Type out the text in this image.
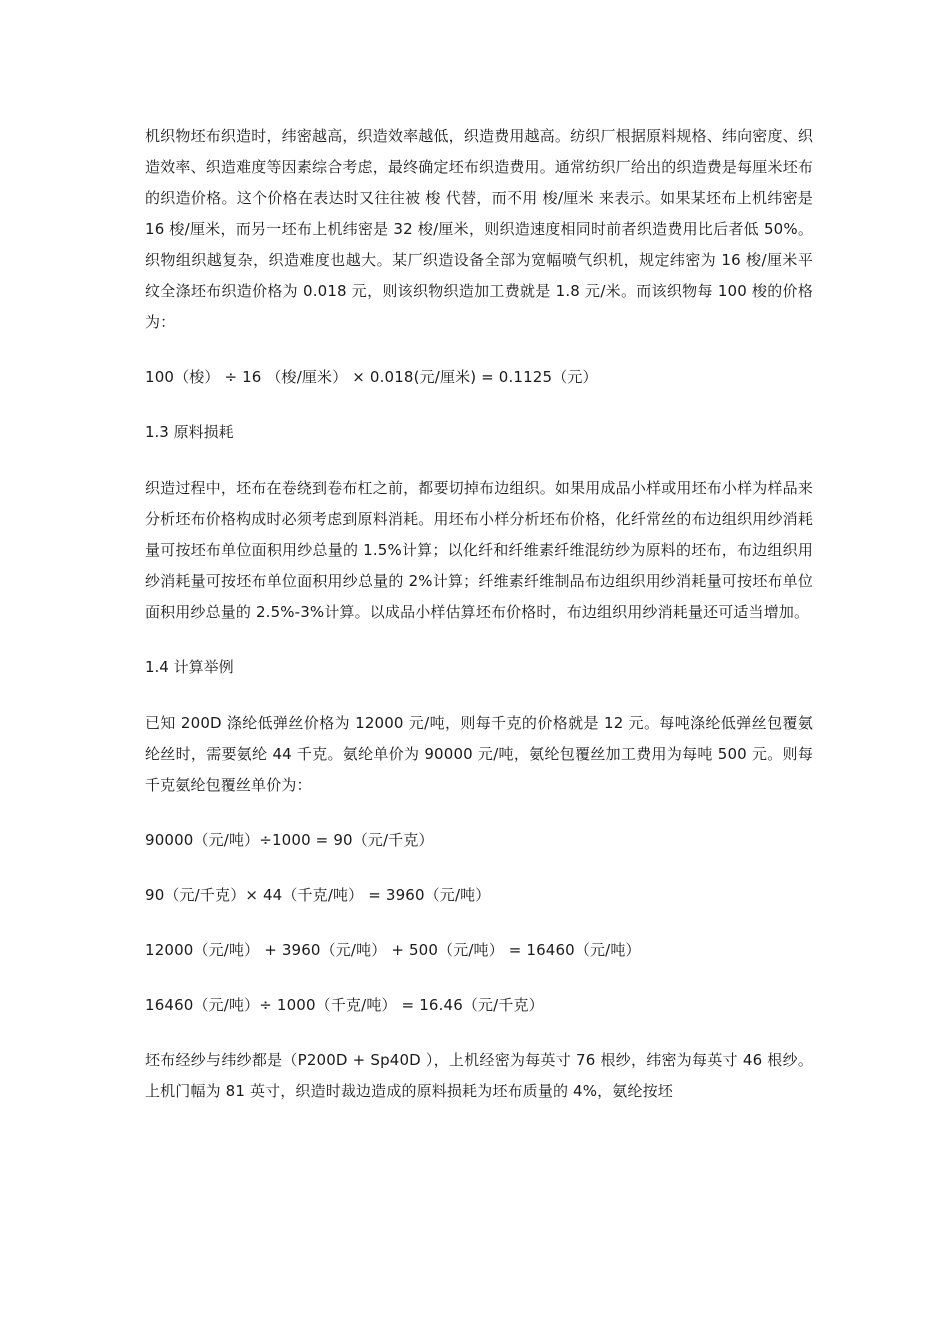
机织物坯布织造时，纬密越高，织造效率越低，织造费用越高。纺织厂根据原料规格、纬向密度、织造效率、织造难度等因素综合考虑，最终确定坯布织造费用。通常纺织厂给出的织造费是每厘米坯布的织造价格。这个价格在表达时又往往被 梭 代替，而不用 梭/厘米 来表示。如果某坯布上机纬密是 16 梭/厘米，而另一坯布上机纬密是 32 梭/厘米，则织造速度相同时前者织造费用比后者低 50%。织物组织越复杂，织造难度也越大。某厂织造设备全部为宽幅喷气织机，规定纬密为 16 梭/厘米平纹全涤坯布织造价格为 0.018 元，则该织物织造加工费就是 1.8 元/米。而该织物每 100 梭的价格为：

100（梭） ÷ 16 （梭/厘米） × 0.018(元/厘米) = 0.1125（元）

1.3 原料损耗

织造过程中，坯布在卷绕到卷布杠之前，都要切掉布边组织。如果用成品小样或用坯布小样为样品来分析坯布价格构成时必须考虑到原料消耗。用坯布小样分析坯布价格，化纤常丝的布边组织用纱消耗量可按坯布单位面积用纱总量的 1.5%计算；以化纤和纤维素纤维混纺纱为原料的坯布，布边组织用纱消耗量可按坯布单位面积用纱总量的 2%计算；纤维素纤维制品布边组织用纱消耗量可按坯布单位面积用纱总量的 2.5%-3%计算。以成品小样估算坯布价格时，布边组织用纱消耗量还可适当增加。

1.4 计算举例

已知 200D 涤纶低弹丝价格为 12000 元/吨，则每千克的价格就是 12 元。每吨涤纶低弹丝包覆氨纶丝时，需要氨纶 44 千克。氨纶单价为 90000 元/吨，氨纶包覆丝加工费用为每吨 500 元。则每千克氨纶包覆丝单价为：

90000（元/吨）÷1000 = 90（元/千克）

90（元/千克）× 44（千克/吨） = 3960（元/吨）

12000（元/吨） + 3960（元/吨） + 500（元/吨） = 16460（元/吨）

16460（元/吨）÷ 1000（千克/吨） = 16.46（元/千克）

坯布经纱与纬纱都是（P200D + Sp40D ），上机经密为每英寸 76 根纱，纬密为每英寸 46 根纱。上机门幅为 81 英寸，织造时裁边造成的原料损耗为坯布质量的 4%，氨纶按坯
